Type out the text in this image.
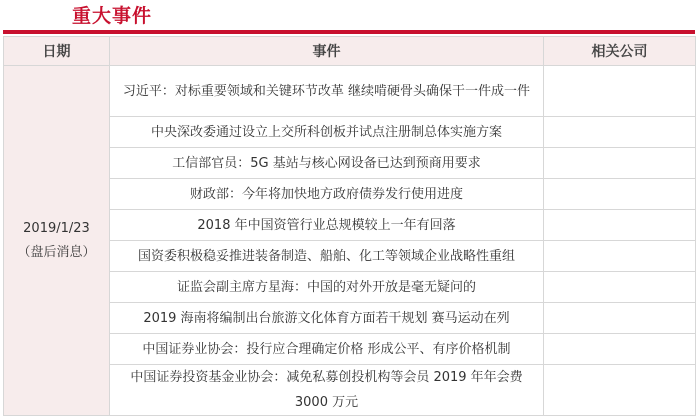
重大事件
日期	事件	相关公司

2019/1/23
（盘后消息）	习近平：对标重要领域和关键环节改革 继续啃硬骨头确保干一件成一件	
	中央深改委通过设立上交所科创板并试点注册制总体实施方案	
	工信部官员：5G 基站与核心网设备已达到预商用要求	
	财政部：今年将加快地方政府债券发行使用进度	
	2018 年中国资管行业总规模较上一年有回落	
	国资委积极稳妥推进装备制造、船舶、化工等领域企业战略性重组	
	证监会副主席方星海：中国的对外开放是毫无疑问的	
	2019 海南将编制出台旅游文化体育方面若干规划 赛马运动在列	
	中国证券业协会：投行应合理确定价格 形成公平、有序价格机制	
	中国证券投资基金业协会：减免私募创投机构等会员 2019 年年会费 3000 万元	
